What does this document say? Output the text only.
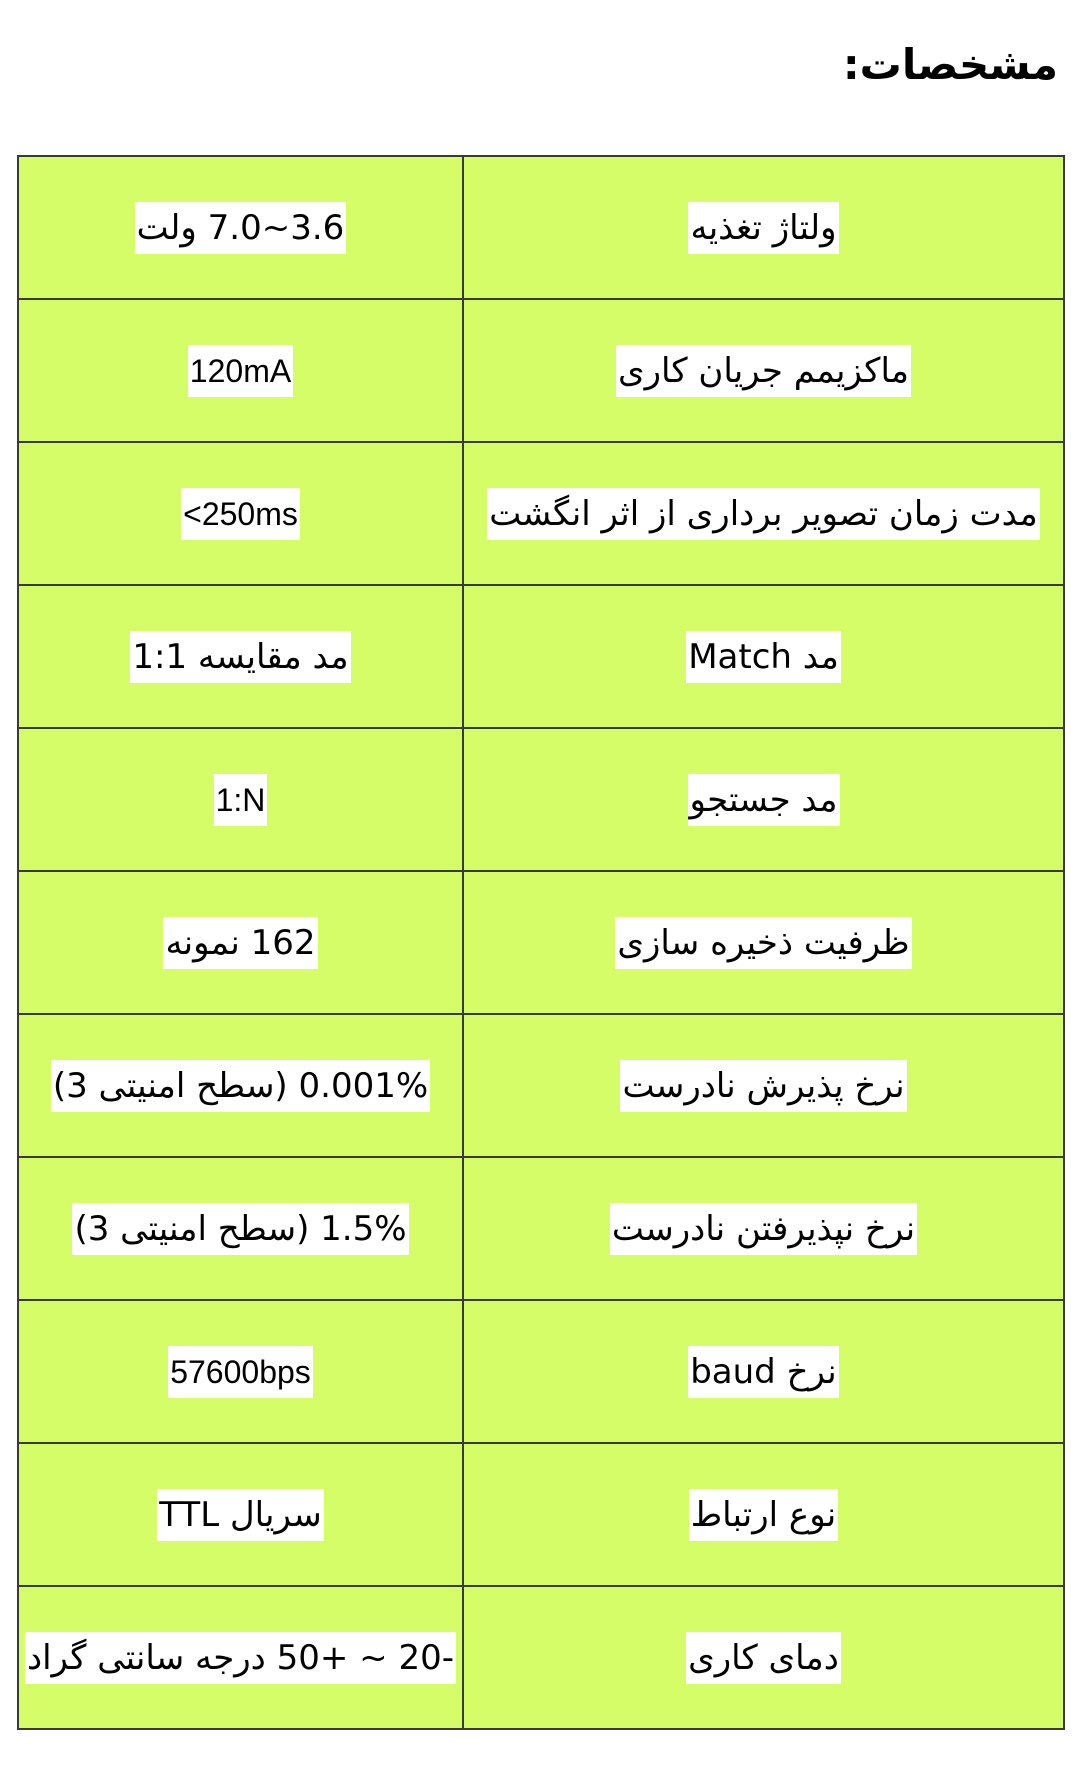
مشخصات:
ولتاژ تغذیه	3.6~7.0 ولت
ماکزیمم جریان کاری	120mA
مدت زمان تصویر برداری از اثر انگشت	<250ms
مد Match	مد مقایسه 1:1
مد جستجو	1:N
ظرفیت ذخیره سازی	162 نمونه
نرخ پذیرش نادرست	0.001% (سطح امنیتی 3)
نرخ نپذیرفتن نادرست	1.5% (سطح امنیتی 3)
نرخ baud	57600bps
نوع ارتباط	سریال TTL
دمای کاری	-20 ~ +50 درجه سانتی گراد
